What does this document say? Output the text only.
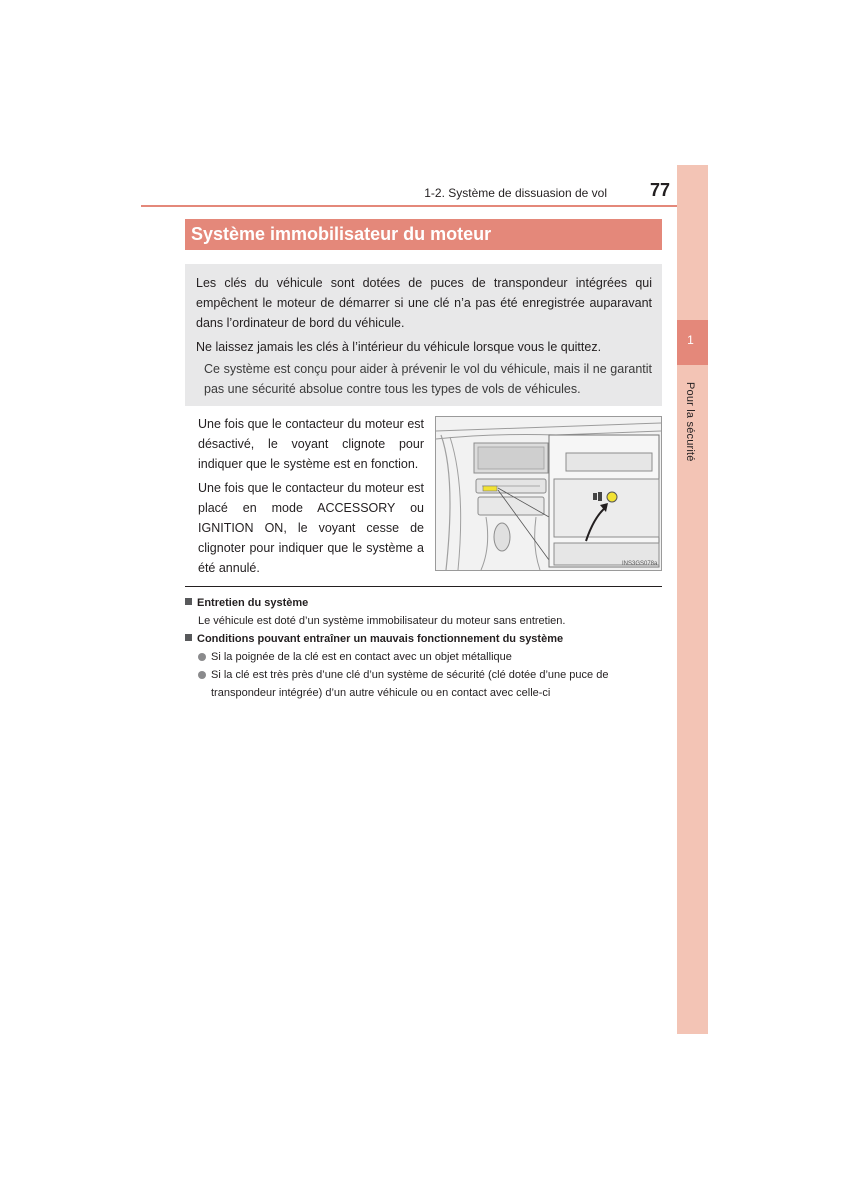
1
Pour la sécurité
1-2. Système de dissuasion de vol 77
Système immobilisateur du moteur

Les clés du véhicule sont dotées de puces de transpondeur intégrées qui empêchent le moteur de démarrer si une clé n’a pas été enregistrée auparavant dans l’ordinateur de bord du véhicule.

Ne laissez jamais les clés à l’intérieur du véhicule lorsque vous le quittez.

Ce système est conçu pour aider à prévenir le vol du véhicule, mais il ne garantit pas une sécurité absolue contre tous les types de vols de véhicules.

Une fois que le contacteur du moteur est désactivé, le voyant clignote pour indiquer que le système est en fonction.

Une fois que le contacteur du moteur est placé en mode ACCESSORY ou IGNITION ON, le voyant cesse de clignoter pour indiquer que le système a été annulé.	INS3GS078a
Entretien du système
Le véhicule est doté d’un système immobilisateur du moteur sans entretien.
Conditions pouvant entraîner un mauvais fonctionnement du système
Si la poignée de la clé est en contact avec un objet métallique
Si la clé est très près d’une clé d’un système de sécurité (clé dotée d’une puce de transpondeur intégrée) d’un autre véhicule ou en contact avec celle-ci
